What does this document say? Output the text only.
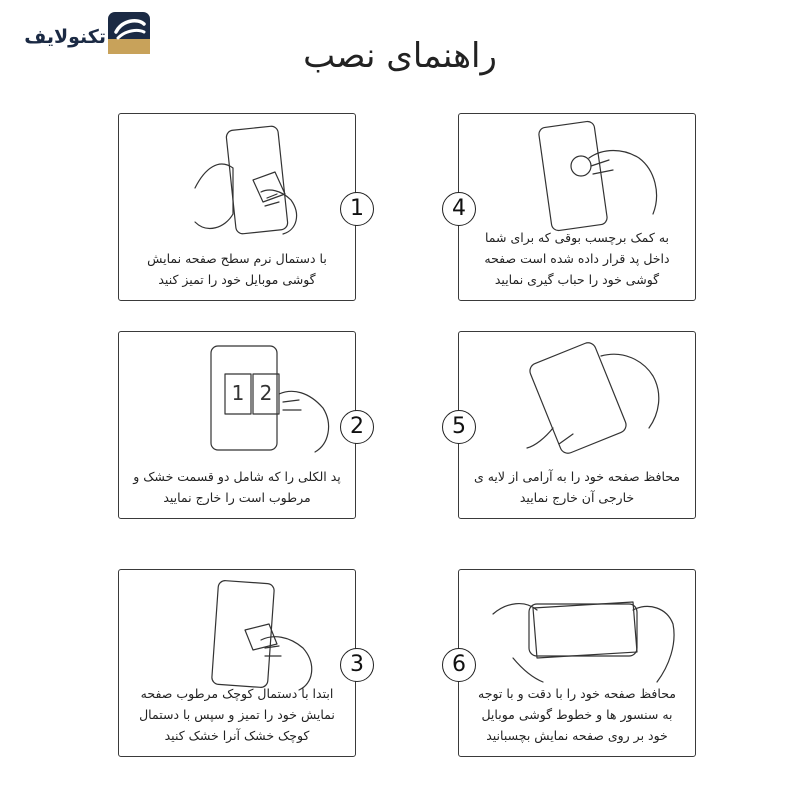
تکنولایف	راهنمای نصب
با دستمال نرم سطح صفحه نمایش گوشی موبایل خود را تمیز کنید
1
1 2
پد الکلی را که شامل دو قسمت خشک و مرطوب است را خارج نمایید
2
ابتدا با دستمال کوچک مرطوب صفحه نمایش خود را تمیز و سپس با دستمال کوچک خشک آنرا خشک کنید
3
به کمک برچسب بوقی که برای شما داخل پد قرار داده شده است صفحه گوشی خود را حباب گیری نمایید
4
محافظ صفحه خود را به آرامی از لایه ی خارجی آن خارج نمایید
5
محافظ صفحه خود را با دقت و با توجه به سنسور ها و خطوط گوشی موبایل خود بر روی صفحه نمایش بچسبانید
6
